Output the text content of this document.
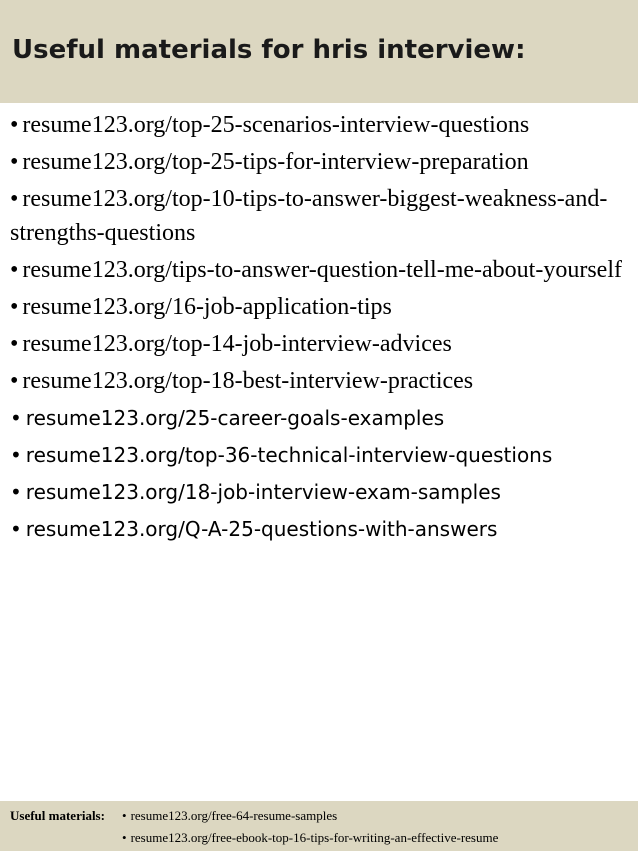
Useful materials for hris interview:
• resume123.org/top-25-scenarios-interview-questions
• resume123.org/top-25-tips-for-interview-preparation
• resume123.org/top-10-tips-to-answer-biggest-weakness-and-strengths-questions
• resume123.org/tips-to-answer-question-tell-me-about-yourself
• resume123.org/16-job-application-tips
• resume123.org/top-14-job-interview-advices
• resume123.org/top-18-best-interview-practices
• resume123.org/25-career-goals-examples
• resume123.org/top-36-technical-interview-questions
• resume123.org/18-job-interview-exam-samples
• resume123.org/Q-A-25-questions-with-answers
Useful materials: • resume123.org/free-64-resume-samples
• resume123.org/free-ebook-top-16-tips-for-writing-an-effective-resume
